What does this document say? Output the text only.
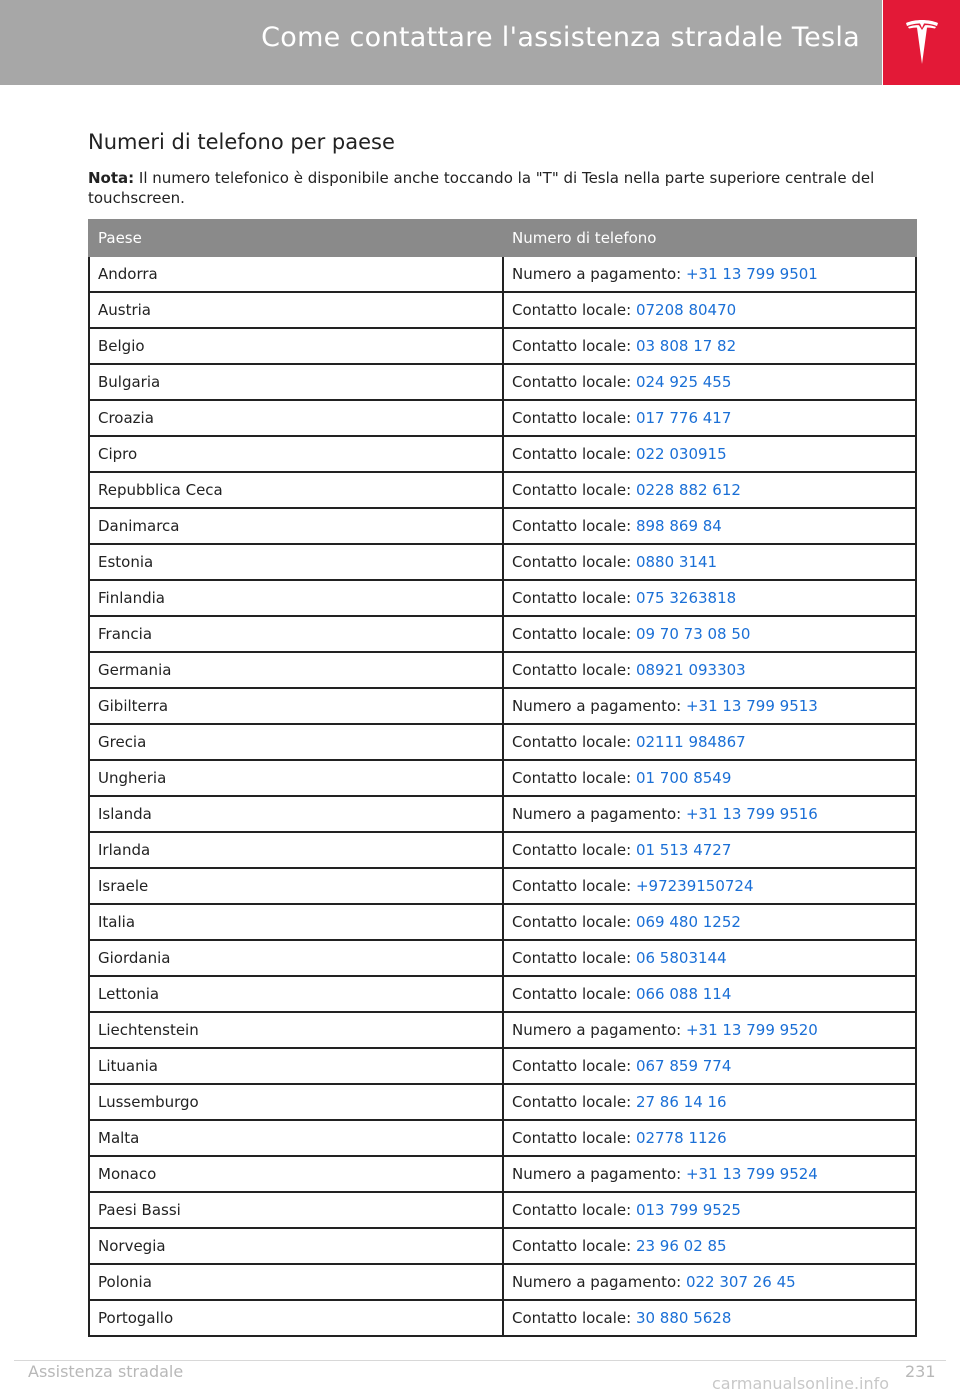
Come contattare l'assistenza stradale Tesla
Numeri di telefono per paese
Nota: Il numero telefonico è disponibile anche toccando la "T" di Tesla nella parte superiore centrale del touchscreen.
Paese	Numero di telefono
Andorra	Numero a pagamento: +31 13 799 9501
Austria	Contatto locale: 07208 80470
Belgio	Contatto locale: 03 808 17 82
Bulgaria	Contatto locale: 024 925 455
Croazia	Contatto locale: 017 776 417
Cipro	Contatto locale: 022 030915
Repubblica Ceca	Contatto locale: 0228 882 612
Danimarca	Contatto locale: 898 869 84
Estonia	Contatto locale: 0880 3141
Finlandia	Contatto locale: 075 3263818
Francia	Contatto locale: 09 70 73 08 50
Germania	Contatto locale: 08921 093303
Gibilterra	Numero a pagamento: +31 13 799 9513
Grecia	Contatto locale: 02111 984867
Ungheria	Contatto locale: 01 700 8549
Islanda	Numero a pagamento: +31 13 799 9516
Irlanda	Contatto locale: 01 513 4727
Israele	Contatto locale: +97239150724
Italia	Contatto locale: 069 480 1252
Giordania	Contatto locale: 06 5803144
Lettonia	Contatto locale: 066 088 114
Liechtenstein	Numero a pagamento: +31 13 799 9520
Lituania	Contatto locale: 067 859 774
Lussemburgo	Contatto locale: 27 86 14 16
Malta	Contatto locale: 02778 1126
Monaco	Numero a pagamento: +31 13 799 9524
Paesi Bassi	Contatto locale: 013 799 9525
Norvegia	Contatto locale: 23 96 02 85
Polonia	Numero a pagamento: 022 307 26 45
Portogallo	Contatto locale: 30 880 5628
Assistenza stradale	231
carmanualsonline.info
